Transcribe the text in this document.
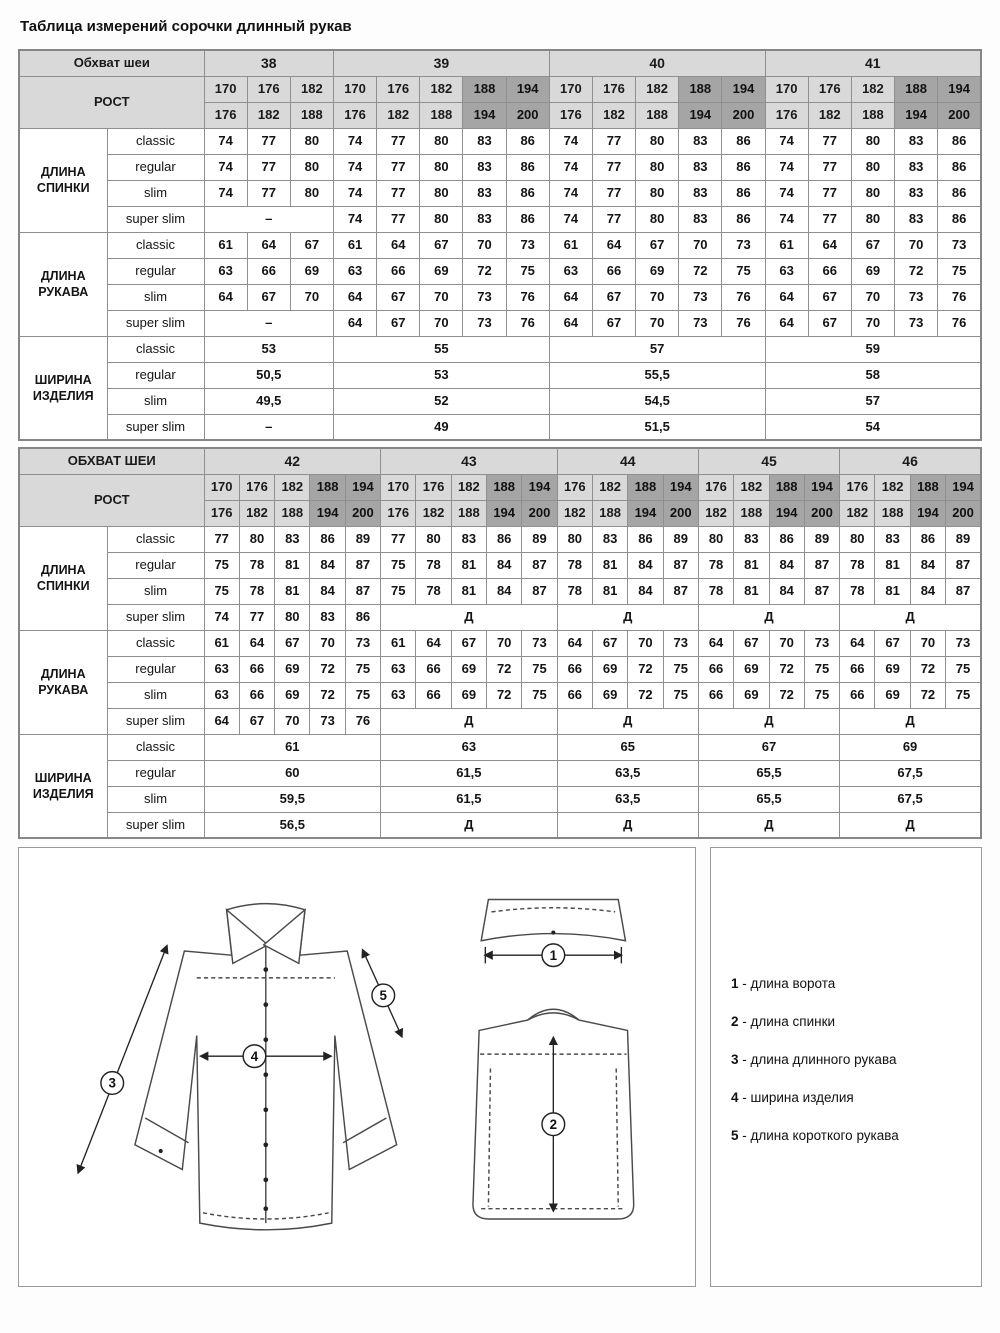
Таблица измерений сорочки длинный рукав
Обхват шеи		38			39					40					41				
РОСТ		170	176	182	170	176	182	188	194	170	176	182	188	194	170	176	182	188	194
		176	182	188	176	182	188	194	200	176	182	188	194	200	176	182	188	194	200
ДЛИНА СПИНКИ	classic	74	77	80	74	77	80	83	86	74	77	80	83	86	74	77	80	83	86
	regular	74	77	80	74	77	80	83	86	74	77	80	83	86	74	77	80	83	86
	slim	74	77	80	74	77	80	83	86	74	77	80	83	86	74	77	80	83	86
	super slim	–			74	77	80	83	86	74	77	80	83	86	74	77	80	83	86
ДЛИНА РУКАВА	classic	61	64	67	61	64	67	70	73	61	64	67	70	73	61	64	67	70	73
	regular	63	66	69	63	66	69	72	75	63	66	69	72	75	63	66	69	72	75
	slim	64	67	70	64	67	70	73	76	64	67	70	73	76	64	67	70	73	76
	super slim	–			64	67	70	73	76	64	67	70	73	76	64	67	70	73	76
ШИРИНА ИЗДЕЛИЯ	classic	53			55					57					59				
	regular	50,5			53					55,5					58				
	slim	49,5			52					54,5					57				
	super slim	–			49					51,5					54				
ОБХВАТ ШЕИ		42					43					44				45				46			
РОСТ		170	176	182	188	194	170	176	182	188	194	176	182	188	194	176	182	188	194	176	182	188	194
		176	182	188	194	200	176	182	188	194	200	182	188	194	200	182	188	194	200	182	188	194	200
ДЛИНА СПИНКИ	classic	77	80	83	86	89	77	80	83	86	89	80	83	86	89	80	83	86	89	80	83	86	89
	regular	75	78	81	84	87	75	78	81	84	87	78	81	84	87	78	81	84	87	78	81	84	87
	slim	75	78	81	84	87	75	78	81	84	87	78	81	84	87	78	81	84	87	78	81	84	87
	super slim	74	77	80	83	86	Д					Д				Д				Д			
ДЛИНА РУКАВА	classic	61	64	67	70	73	61	64	67	70	73	64	67	70	73	64	67	70	73	64	67	70	73
	regular	63	66	69	72	75	63	66	69	72	75	66	69	72	75	66	69	72	75	66	69	72	75
	slim	63	66	69	72	75	63	66	69	72	75	66	69	72	75	66	69	72	75	66	69	72	75
	super slim	64	67	70	73	76	Д					Д				Д				Д			
ШИРИНА ИЗДЕЛИЯ	classic	61					63					65				67				69			
	regular	60					61,5					63,5				65,5				67,5			
	slim	59,5					61,5					63,5				65,5				67,5			
	super slim	56,5					Д					Д				Д				Д			
1
2
3
4
5
1 - длина ворота
2 - длина спинки
3 - длина длинного рукава
4 - ширина изделия
5 - длина короткого рукава
